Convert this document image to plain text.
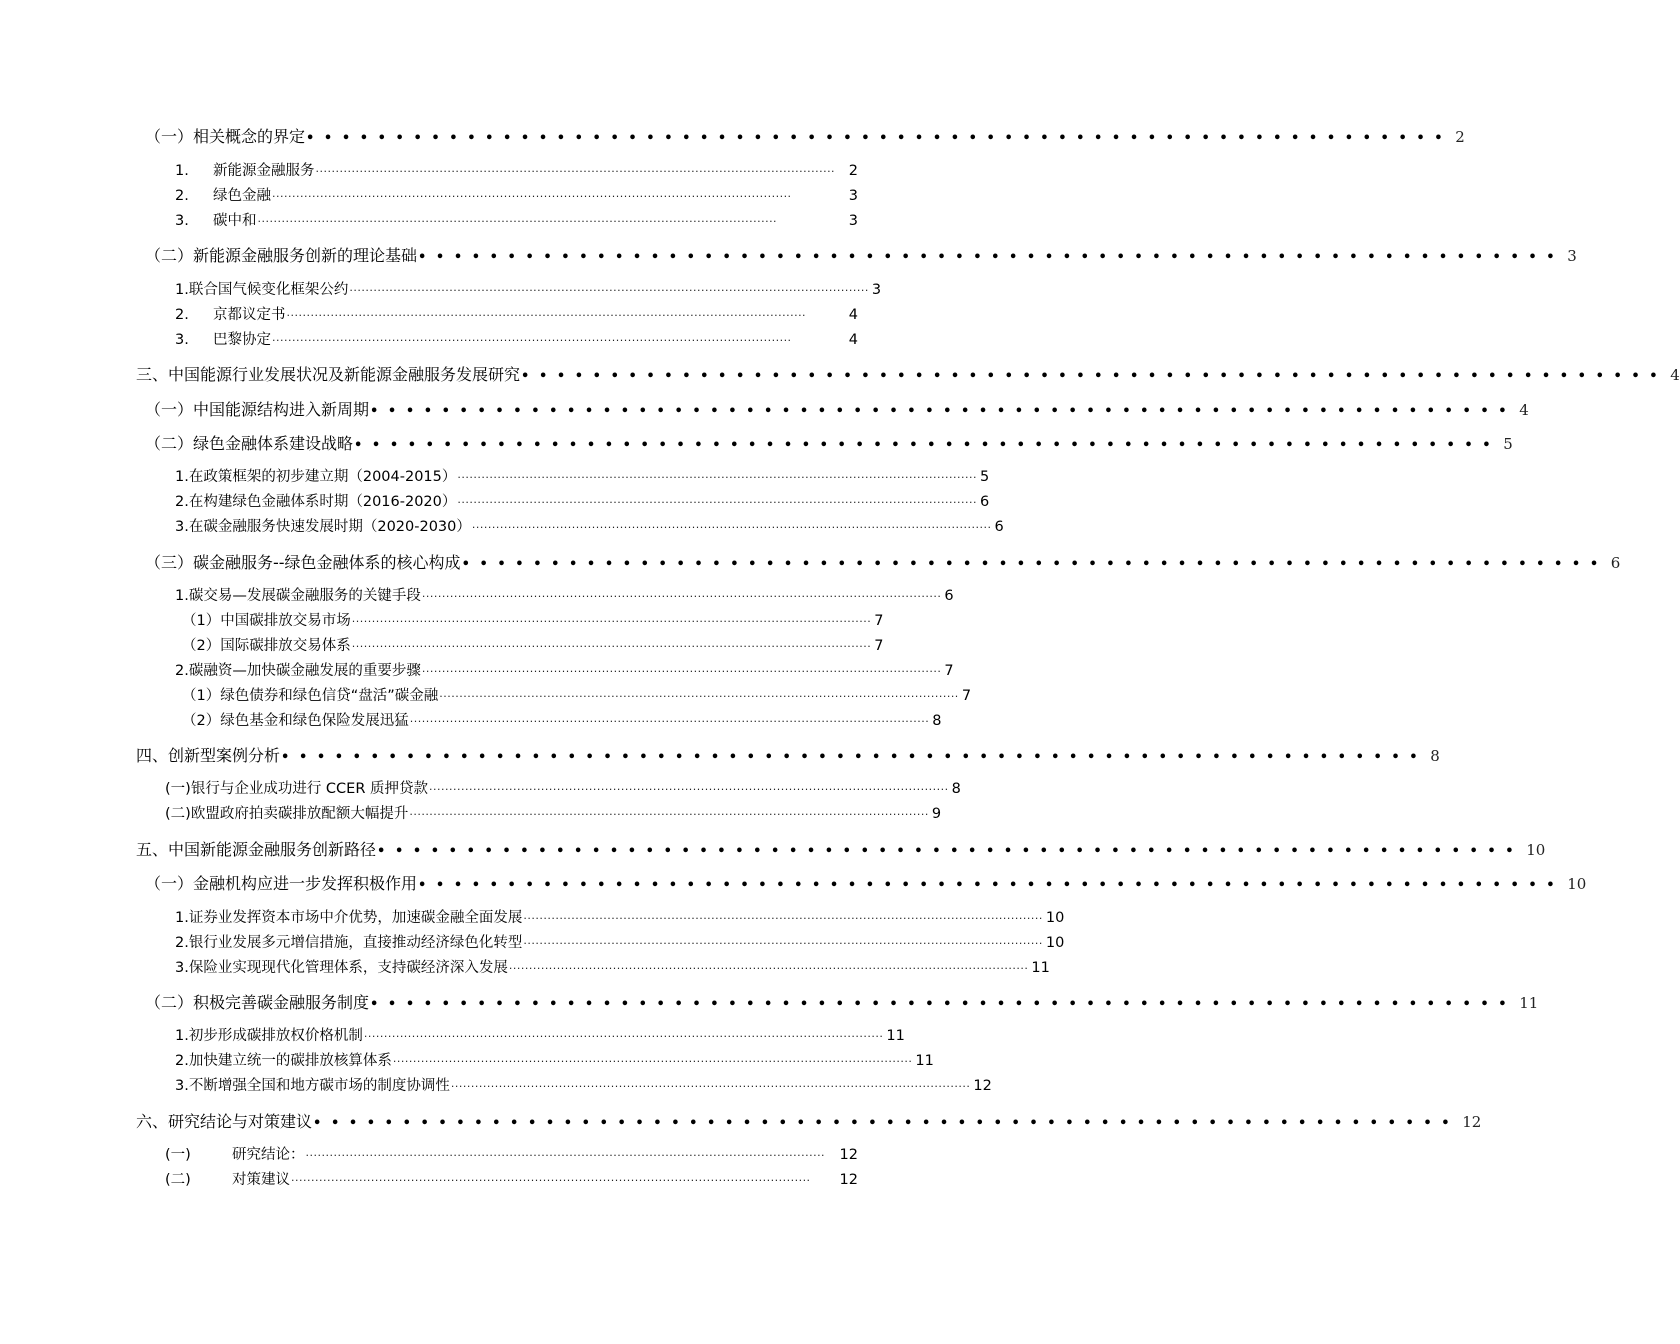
（一） 相关概念的界定 •••••••••••••••••••••••••••••••••••••••••••••••••••••••••••••••• 2
1.	新能源金融服务 ·································································································································· 2
2.	绿色金融 ··································································································································	3
3.	碳中和 ··································································································································	3
（二） 新能源金融服务创新的理论基础 •••••••••••••••••••••••••••••••••••••••••••••••••••••••••••••••• 3
1. 联合国气候变化框架公约 ·································································································································· 3
2.	京都议定书 ··································································································································	4
3.	巴黎协定 ··································································································································	4
三、 中国能源行业发展状况及新能源金融服务发展研究 •••••••••••••••••••••••••••••••••••••••••••••••••••••••••••••••• 4
（一） 中国能源结构进入新周期 •••••••••••••••••••••••••••••••••••••••••••••••••••••••••••••••• 4
（二） 绿色金融体系建设战略 •••••••••••••••••••••••••••••••••••••••••••••••••••••••••••••••• 5
1. 在政策框架的初步建立期（2004-2015） ·································································································································· 5
2. 在构建绿色金融体系时期（2016-2020） ·································································································································· 6
3. 在碳金融服务快速发展时期（2020-2030） ·································································································································· 6
（三） 碳金融服务--绿色金融体系的核心构成 •••••••••••••••••••••••••••••••••••••••••••••••••••••••••••••••• 6
1. 碳交易—发展碳金融服务的关键手段 ·································································································································· 6
（1）中国碳排放交易市场 ·································································································································· 7
（2）国际碳排放交易体系 ·································································································································· 7
2. 碳融资—加快碳金融发展的重要步骤 ·································································································································· 7
（1）绿色债券和绿色信贷“盘活”碳金融 ·································································································································· 7
（2）绿色基金和绿色保险发展迅猛 ·································································································································· 8
四、 创新型案例分析 •••••••••••••••••••••••••••••••••••••••••••••••••••••••••••••••• 8
(一) 银行与企业成功进行 CCER 质押贷款 ·································································································································· 8
(二) 欧盟政府拍卖碳排放配额大幅提升 ·································································································································· 9
五、 中国新能源金融服务创新路径 •••••••••••••••••••••••••••••••••••••••••••••••••••••••••••••••• 10
（一） 金融机构应进一步发挥积极作用 •••••••••••••••••••••••••••••••••••••••••••••••••••••••••••••••• 10
1. 证券业发挥资本市场中介优势，加速碳金融全面发展 ·································································································································· 10
2. 银行业发展多元增信措施，直接推动经济绿色化转型 ·································································································································· 10
3. 保险业实现现代化管理体系，支持碳经济深入发展 ·································································································································· 11
（二） 积极完善碳金融服务制度 •••••••••••••••••••••••••••••••••••••••••••••••••••••••••••••••• 11
1. 初步形成碳排放权价格机制 ·································································································································· 11
2. 加快建立统一的碳排放核算体系 ·································································································································· 11
3. 不断增强全国和地方碳市场的制度协调性 ·································································································································· 12
六、 研究结论与对策建议 •••••••••••••••••••••••••••••••••••••••••••••••••••••••••••••••• 12
(一)	研究结论： ·································································································································· 12
(二)	对策建议 ··································································································································	12
